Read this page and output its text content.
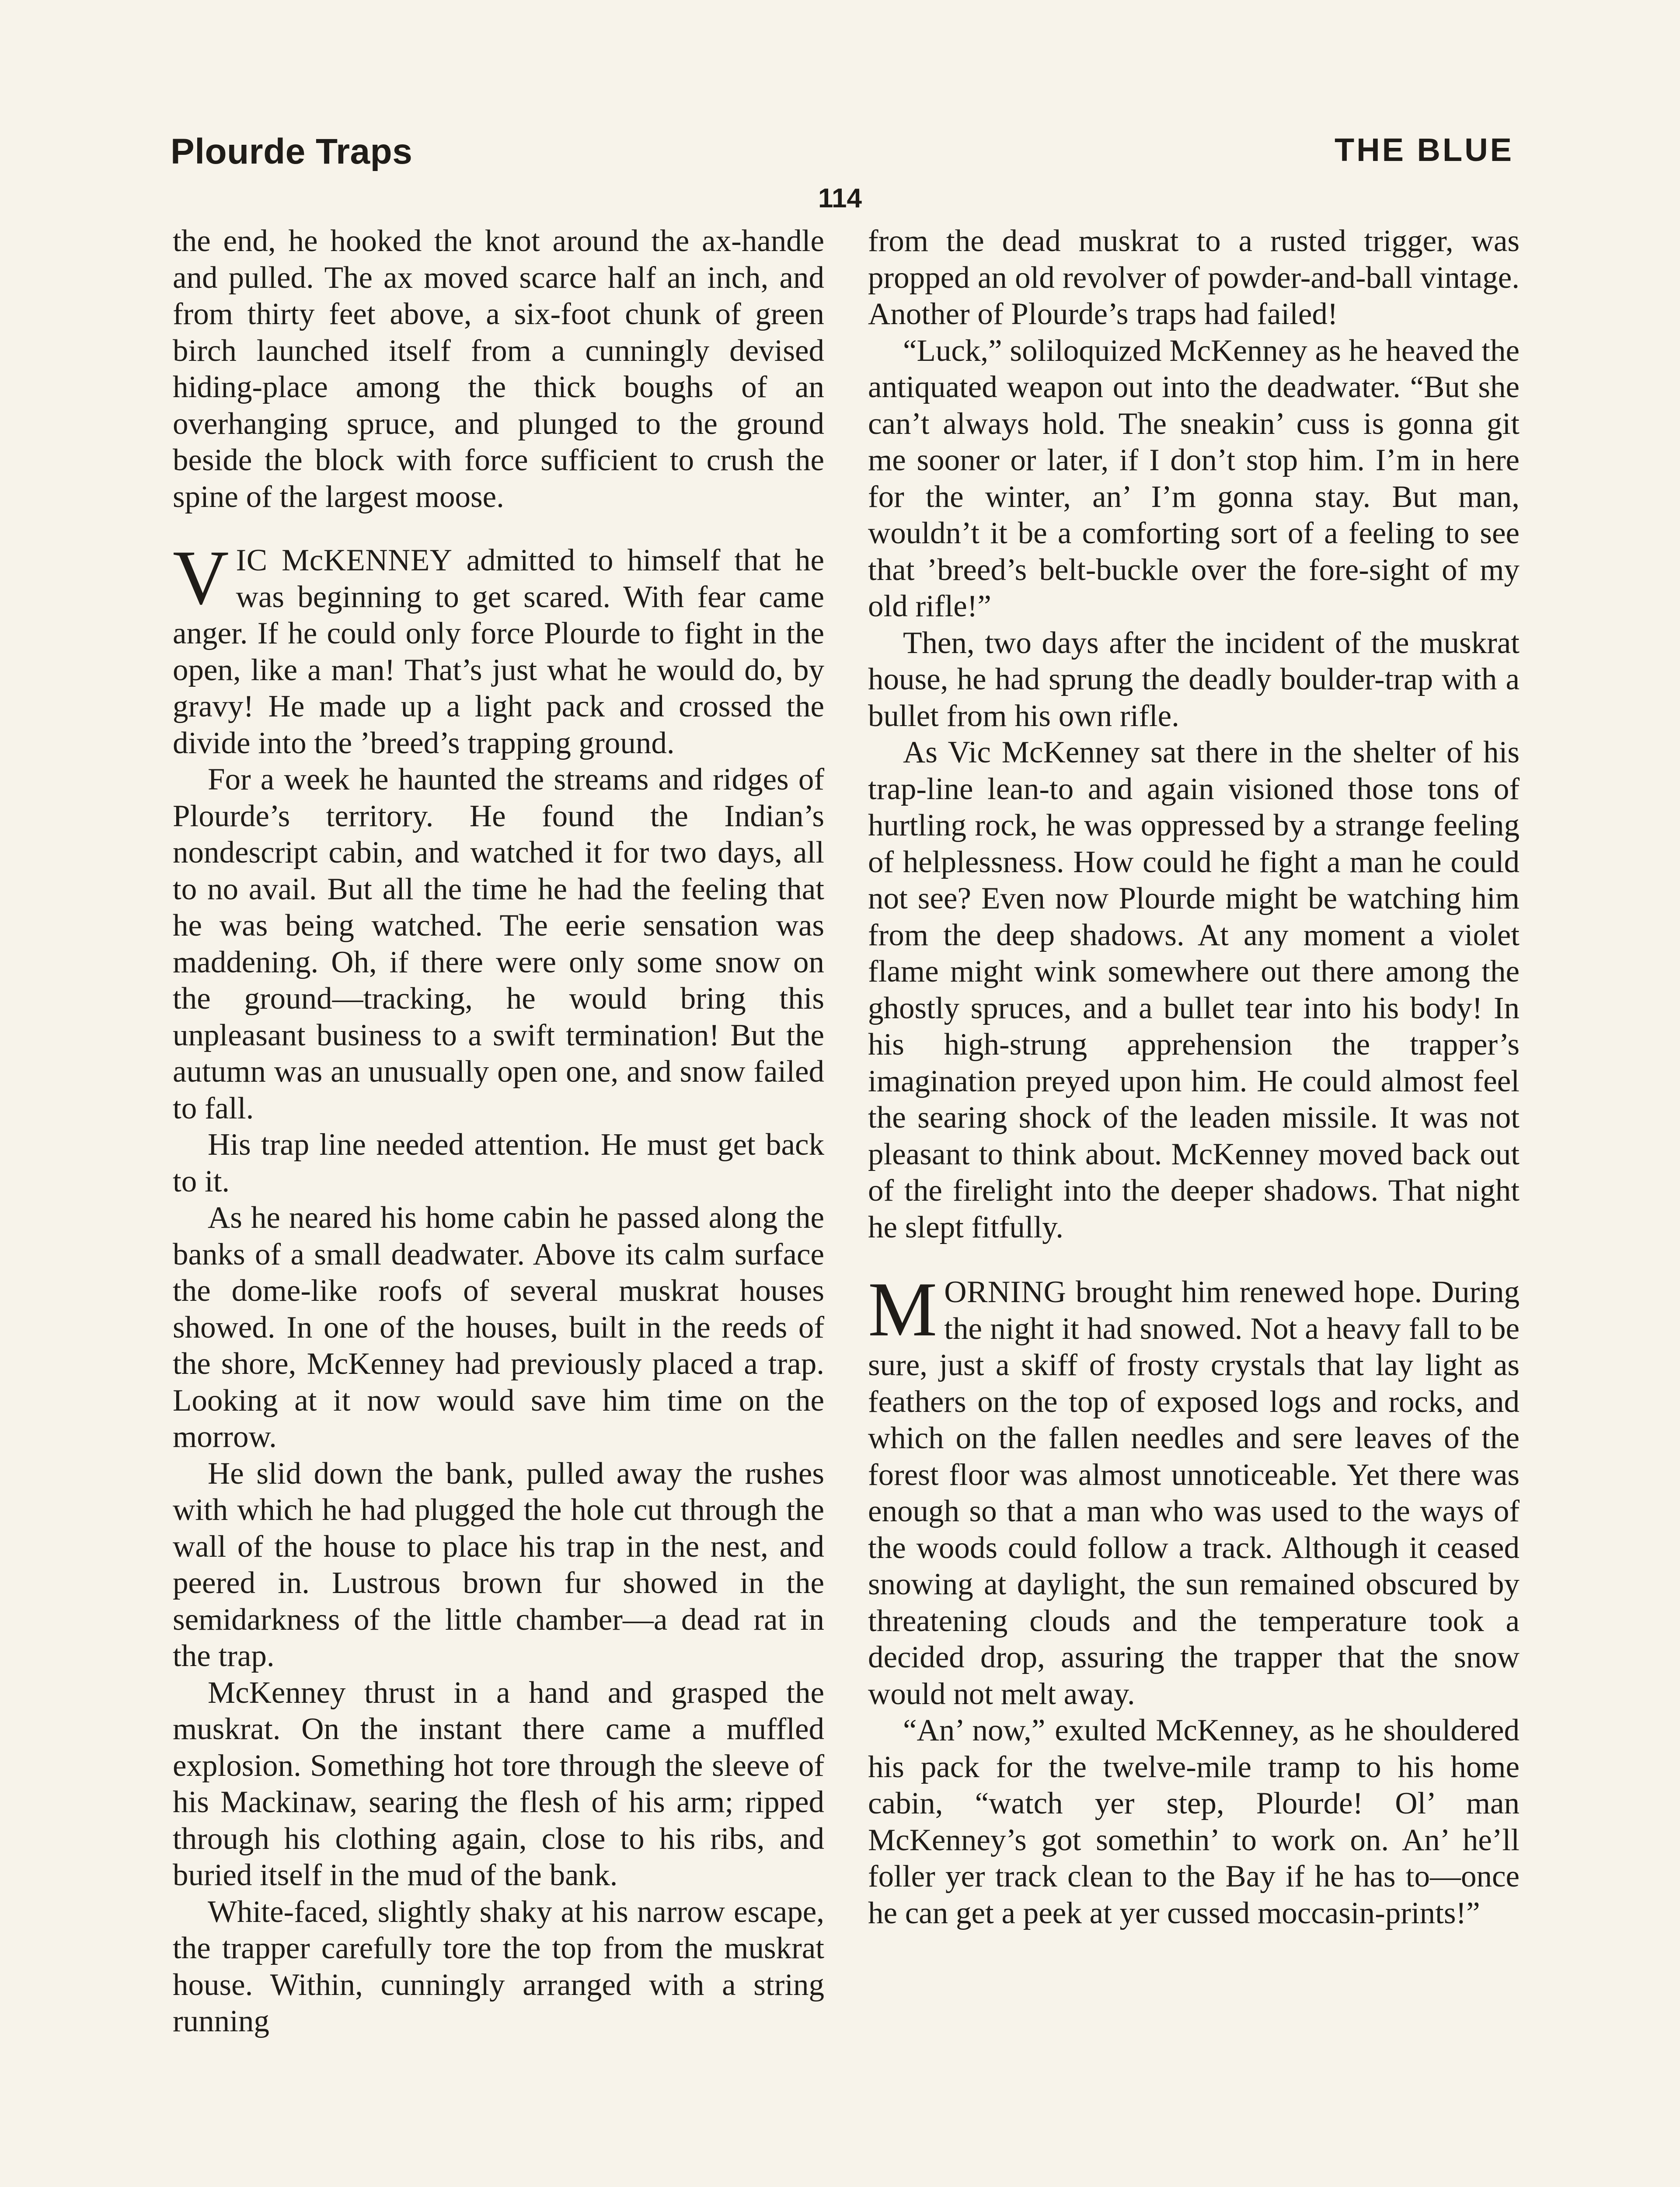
Plourde Traps	THE BLUE
114

the end, he hooked the knot around the ax-handle and pulled. The ax moved scarce half an inch, and from thirty feet above, a six-foot chunk of green birch launched itself from a cunningly devised hiding-place among the thick boughs of an overhanging spruce, and plunged to the ground beside the block with force sufficient to crush the spine of the largest moose.

VIC McKENNEY admitted to himself that he was beginning to get scared. With fear came anger. If he could only force Plourde to fight in the open, like a man! That’s just what he would do, by gravy! He made up a light pack and crossed the divide into the ’breed’s trapping ground.

For a week he haunted the streams and ridges of Plourde’s territory. He found the Indian’s nondescript cabin, and watched it for two days, all to no avail. But all the time he had the feeling that he was being watched. The eerie sensation was maddening. Oh, if there were only some snow on the ground—tracking, he would bring this unpleasant business to a swift termination! But the autumn was an unusually open one, and snow failed to fall.

His trap line needed attention. He must get back to it.

As he neared his home cabin he passed along the banks of a small deadwater. Above its calm surface the dome-like roofs of several muskrat houses showed. In one of the houses, built in the reeds of the shore, McKenney had previously placed a trap. Looking at it now would save him time on the morrow.

He slid down the bank, pulled away the rushes with which he had plugged the hole cut through the wall of the house to place his trap in the nest, and peered in. Lustrous brown fur showed in the semidarkness of the little chamber—a dead rat in the trap.

McKenney thrust in a hand and grasped the muskrat. On the instant there came a muffled explosion. Something hot tore through the sleeve of his Mackinaw, searing the flesh of his arm; ripped through his clothing again, close to his ribs, and buried itself in the mud of the bank.

White-faced, slightly shaky at his narrow escape, the trapper carefully tore the top from the muskrat house. Within, cunningly arranged with a string running

from the dead muskrat to a rusted trigger, was propped an old revolver of powder-and-ball vintage. Another of Plourde’s traps had failed!

“Luck,” soliloquized McKenney as he heaved the antiquated weapon out into the deadwater. “But she can’t always hold. The sneakin’ cuss is gonna git me sooner or later, if I don’t stop him. I’m in here for the winter, an’ I’m gonna stay. But man, wouldn’t it be a comforting sort of a feeling to see that ’breed’s belt-buckle over the fore-sight of my old rifle!”

Then, two days after the incident of the muskrat house, he had sprung the deadly boulder-trap with a bullet from his own rifle.

As Vic McKenney sat there in the shelter of his trap-line lean-to and again visioned those tons of hurtling rock, he was oppressed by a strange feeling of helplessness. How could he fight a man he could not see? Even now Plourde might be watching him from the deep shadows. At any moment a violet flame might wink somewhere out there among the ghostly spruces, and a bullet tear into his body! In his high-strung apprehension the trapper’s imagination preyed upon him. He could almost feel the searing shock of the leaden missile. It was not pleasant to think about. McKenney moved back out of the firelight into the deeper shadows. That night he slept fitfully.

MORNING brought him renewed hope. During the night it had snowed. Not a heavy fall to be sure, just a skiff of frosty crystals that lay light as feathers on the top of exposed logs and rocks, and which on the fallen needles and sere leaves of the forest floor was almost unnoticeable. Yet there was enough so that a man who was used to the ways of the woods could follow a track. Although it ceased snowing at daylight, the sun remained obscured by threatening clouds and the temperature took a decided drop, assuring the trapper that the snow would not melt away.

“An’ now,” exulted McKenney, as he shouldered his pack for the twelve-mile tramp to his home cabin, “watch yer step, Plourde! Ol’ man McKenney’s got somethin’ to work on. An’ he’ll foller yer track clean to the Bay if he has to—once he can get a peek at yer cussed moccasin-prints!”
